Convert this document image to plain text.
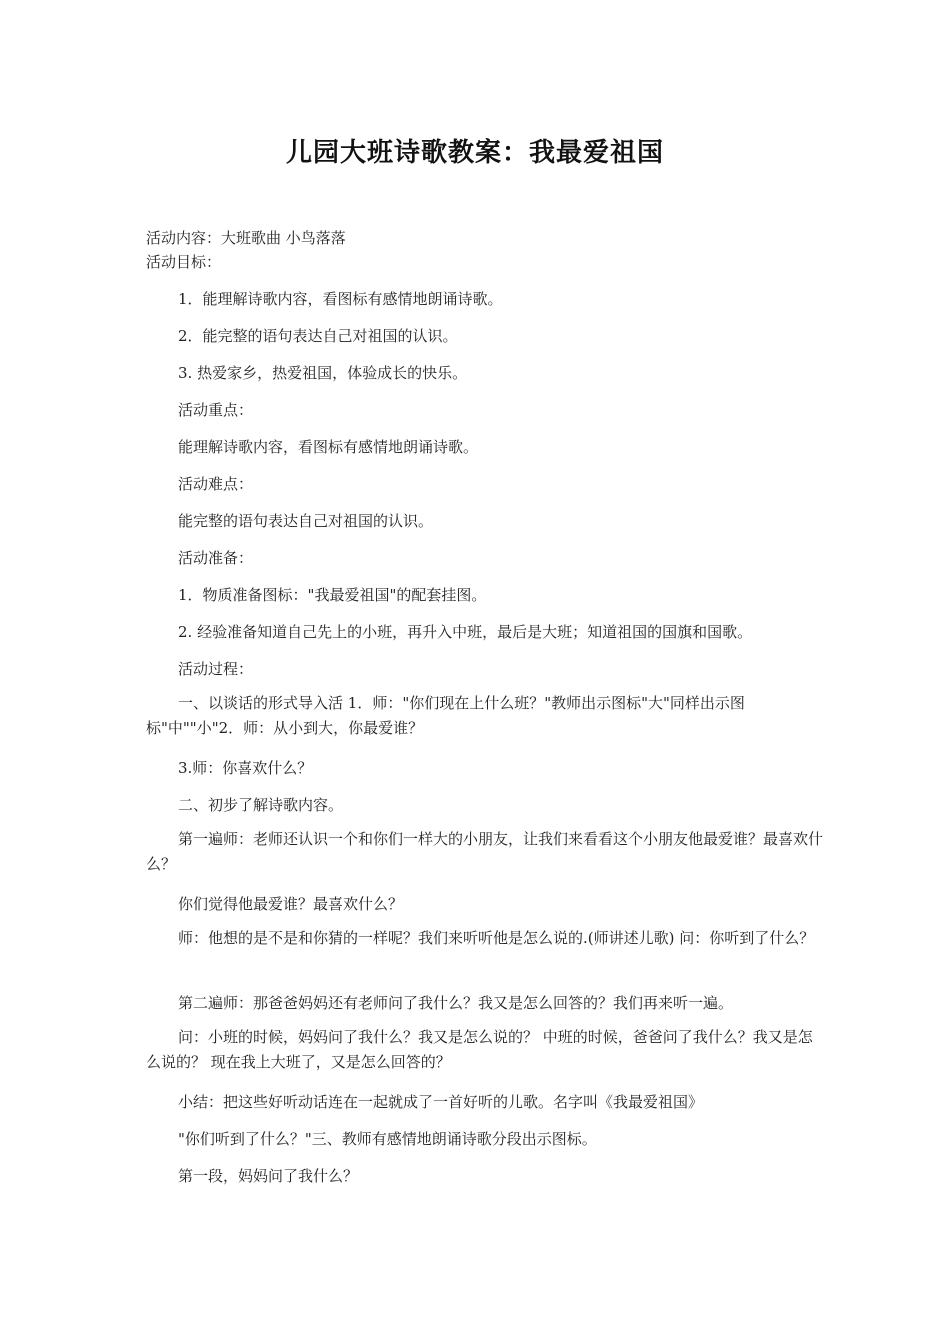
儿园大班诗歌教案：我最爱祖国
活动内容：大班歌曲 小鸟落落
活动目标：
1．能理解诗歌内容，看图标有感情地朗诵诗歌。
2．能完整的语句表达自己对祖国的认识。
3. 热爱家乡，热爱祖国，体验成长的快乐。
活动重点：
能理解诗歌内容，看图标有感情地朗诵诗歌。
活动难点：
能完整的语句表达自己对祖国的认识。
活动准备：
1．物质准备图标："我最爱祖国"的配套挂图。
2. 经验准备知道自己先上的小班，再升入中班，最后是大班；知道祖国的国旗和国歌。
活动过程：
一、以谈话的形式导入活 1．师："你们现在上什么班？"教师出示图标"大"同样出示图标"中""小"2．师：从小到大，你最爱谁？
3.师：你喜欢什么？
二、初步了解诗歌内容。
第一遍师：老师还认识一个和你们一样大的小朋友，让我们来看看这个小朋友他最爱谁？最喜欢什么？
你们觉得他最爱谁？最喜欢什么？
师：他想的是不是和你猜的一样呢？我们来听听他是怎么说的.(师讲述儿歌) 问：你听到了什么？
第二遍师：那爸爸妈妈还有老师问了我什么？我又是怎么回答的？我们再来听一遍。
问：小班的时候，妈妈问了我什么？我又是怎么说的？ 中班的时候，爸爸问了我什么？我又是怎么说的？ 现在我上大班了，又是怎么回答的？
小结：把这些好听动话连在一起就成了一首好听的儿歌。名字叫《我最爱祖国》
"你们听到了什么？"三、教师有感情地朗诵诗歌分段出示图标。
第一段，妈妈问了我什么？
